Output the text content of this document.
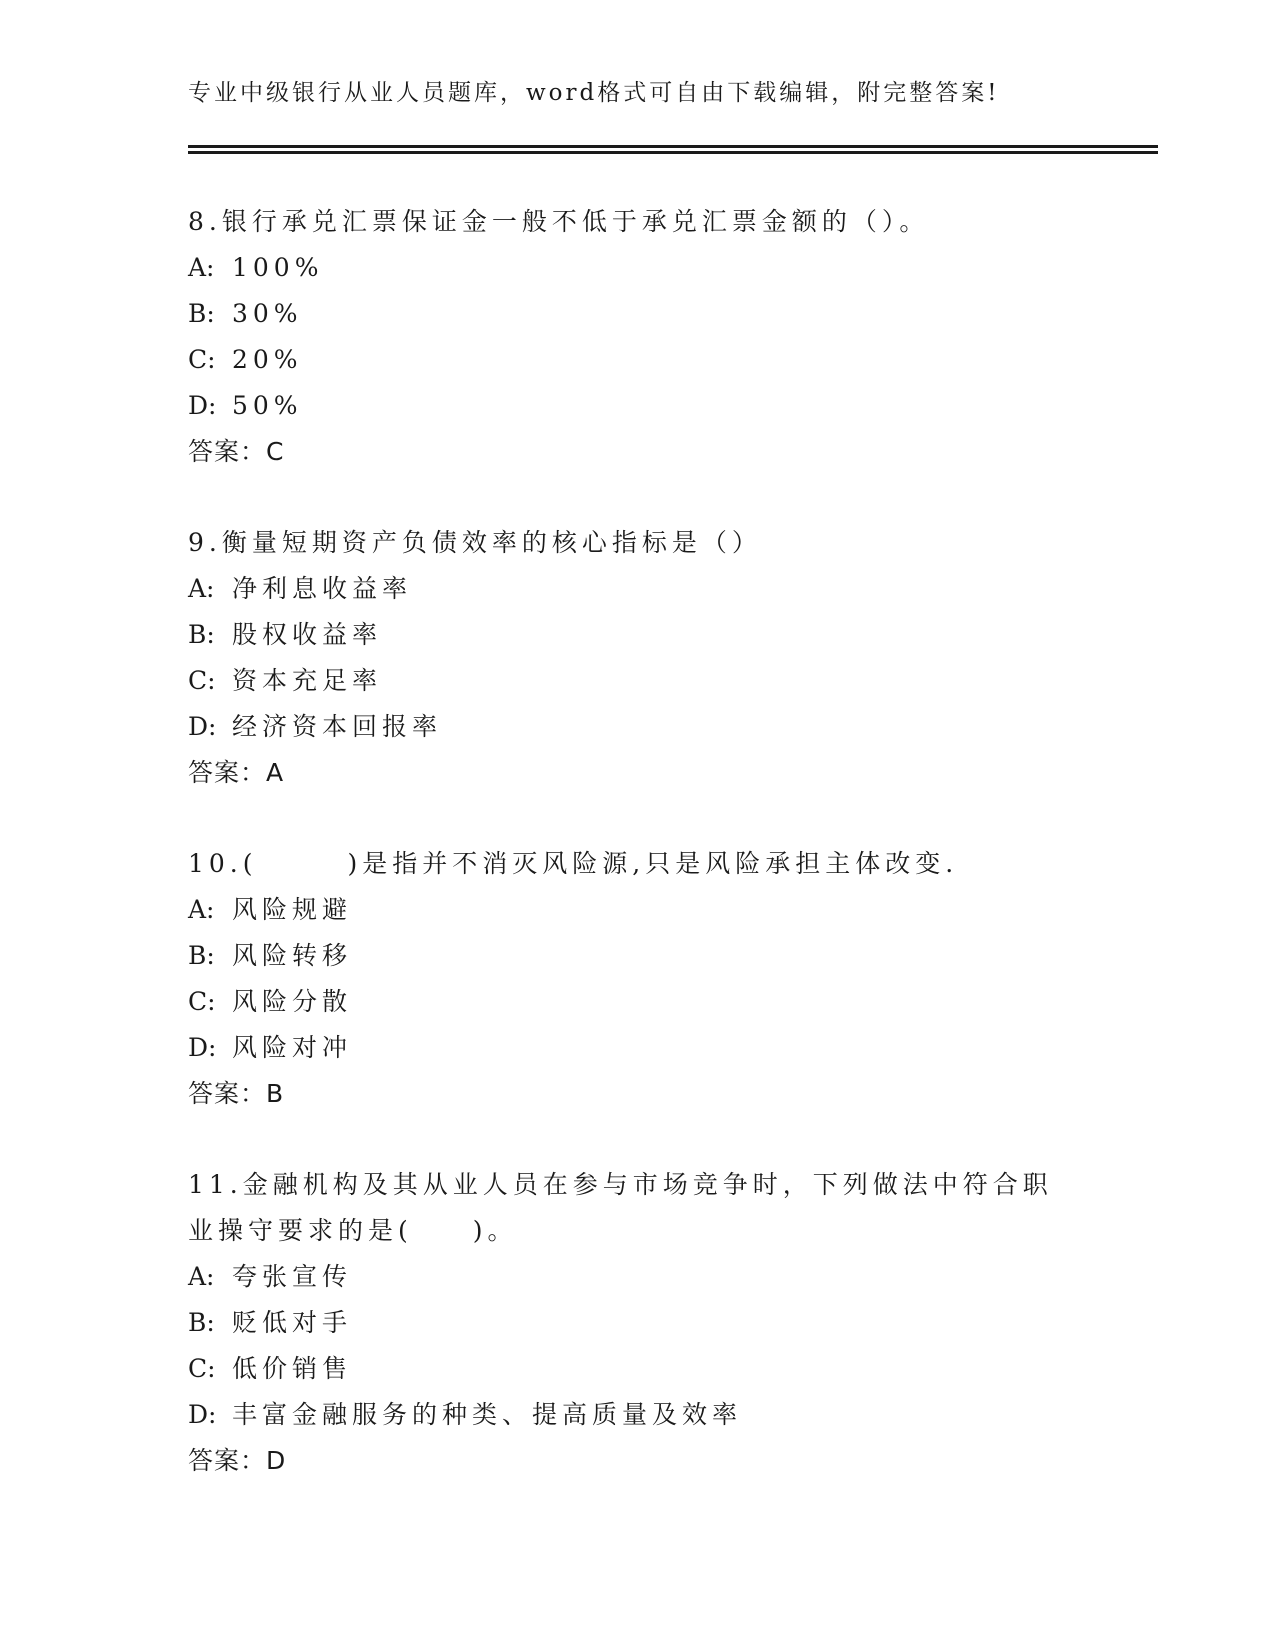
专业中级银行从业人员题库，word格式可自由下载编辑，附完整答案!

8.银行承兑汇票保证金一般不低于承兑汇票金额的（）。

A: 100%
B: 30%
C: 20%
D: 50%
答案：C

9.衡量短期资产负债效率的核心指标是（）

A: 净利息收益率
B: 股权收益率
C: 资本充足率
D: 经济资本回报率
答案：A

10.(　　　)是指并不消灭风险源,只是风险承担主体改变.

A: 风险规避
B: 风险转移
C: 风险分散
D: 风险对冲
答案：B

11.金融机构及其从业人员在参与市场竞争时，下列做法中符合职业操守要求的是(　　)。

A: 夸张宣传
B: 贬低对手
C: 低价销售
D: 丰富金融服务的种类、提高质量及效率
答案：D
